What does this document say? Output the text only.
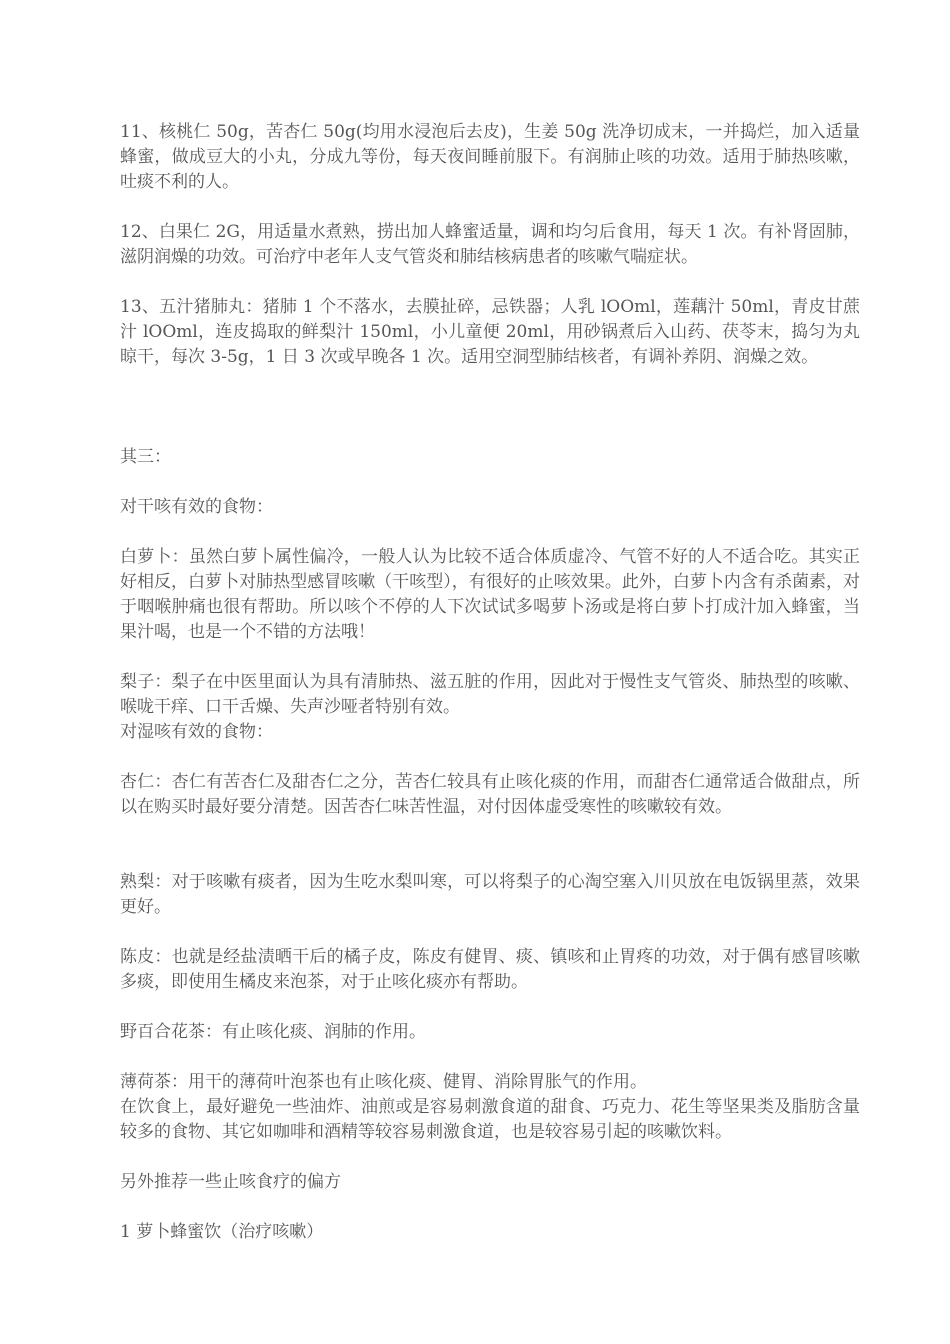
11、核桃仁 50g，苦杏仁 50g(均用水浸泡后去皮)，生姜 50g 洗净切成末，一并捣烂，加入适量蜂蜜，做成豆大的小丸，分成九等份，每天夜间睡前服下。有润肺止咳的功效。适用于肺热咳嗽，吐痰不利的人。

12、白果仁 2G，用适量水煮熟，捞出加人蜂蜜适量，调和均匀后食用，每天 1 次。有补肾固肺，滋阴润燥的功效。可治疗中老年人支气管炎和肺结核病患者的咳嗽气喘症状。

13、五汁猪肺丸：猪肺 1 个不落水，去膜扯碎，忌铁器；人乳 lOOml，莲藕汁 50ml，青皮甘蔗汁 lOOml，连皮捣取的鲜梨汁 150ml，小儿童便 20ml，用砂锅煮后入山药、茯苓末，捣匀为丸晾干，每次 3-5g，1 日 3 次或早晚各 1 次。适用空洞型肺结核者，有调补养阴、润燥之效。

其三：

对干咳有效的食物：

白萝卜：虽然白萝卜属性偏冷，一般人认为比较不适合体质虚冷、气管不好的人不适合吃。其实正好相反，白萝卜对肺热型感冒咳嗽（干咳型），有很好的止咳效果。此外，白萝卜内含有杀菌素，对于咽喉肿痛也很有帮助。所以咳个不停的人下次试试多喝萝卜汤或是将白萝卜打成汁加入蜂蜜，当果汁喝，也是一个不错的方法哦！

梨子：梨子在中医里面认为具有清肺热、滋五脏的作用，因此对于慢性支气管炎、肺热型的咳嗽、喉咙干痒、口干舌燥、失声沙哑者特别有效。

对湿咳有效的食物：

杏仁：杏仁有苦杏仁及甜杏仁之分，苦杏仁较具有止咳化痰的作用，而甜杏仁通常适合做甜点，所以在购买时最好要分清楚。因苦杏仁味苦性温，对付因体虚受寒性的咳嗽较有效。

熟梨：对于咳嗽有痰者，因为生吃水梨叫寒，可以将梨子的心淘空塞入川贝放在电饭锅里蒸，效果更好。

陈皮：也就是经盐渍晒干后的橘子皮，陈皮有健胃、痰、镇咳和止胃疼的功效，对于偶有感冒咳嗽多痰，即使用生橘皮来泡茶，对于止咳化痰亦有帮助。

野百合花茶：有止咳化痰、润肺的作用。

薄荷茶：用干的薄荷叶泡茶也有止咳化痰、健胃、消除胃胀气的作用。

在饮食上，最好避免一些油炸、油煎或是容易刺激食道的甜食、巧克力、花生等坚果类及脂肪含量较多的食物、其它如咖啡和酒精等较容易刺激食道，也是较容易引起的咳嗽饮料。

另外推荐一些止咳食疗的偏方

1 萝卜蜂蜜饮（治疗咳嗽）
